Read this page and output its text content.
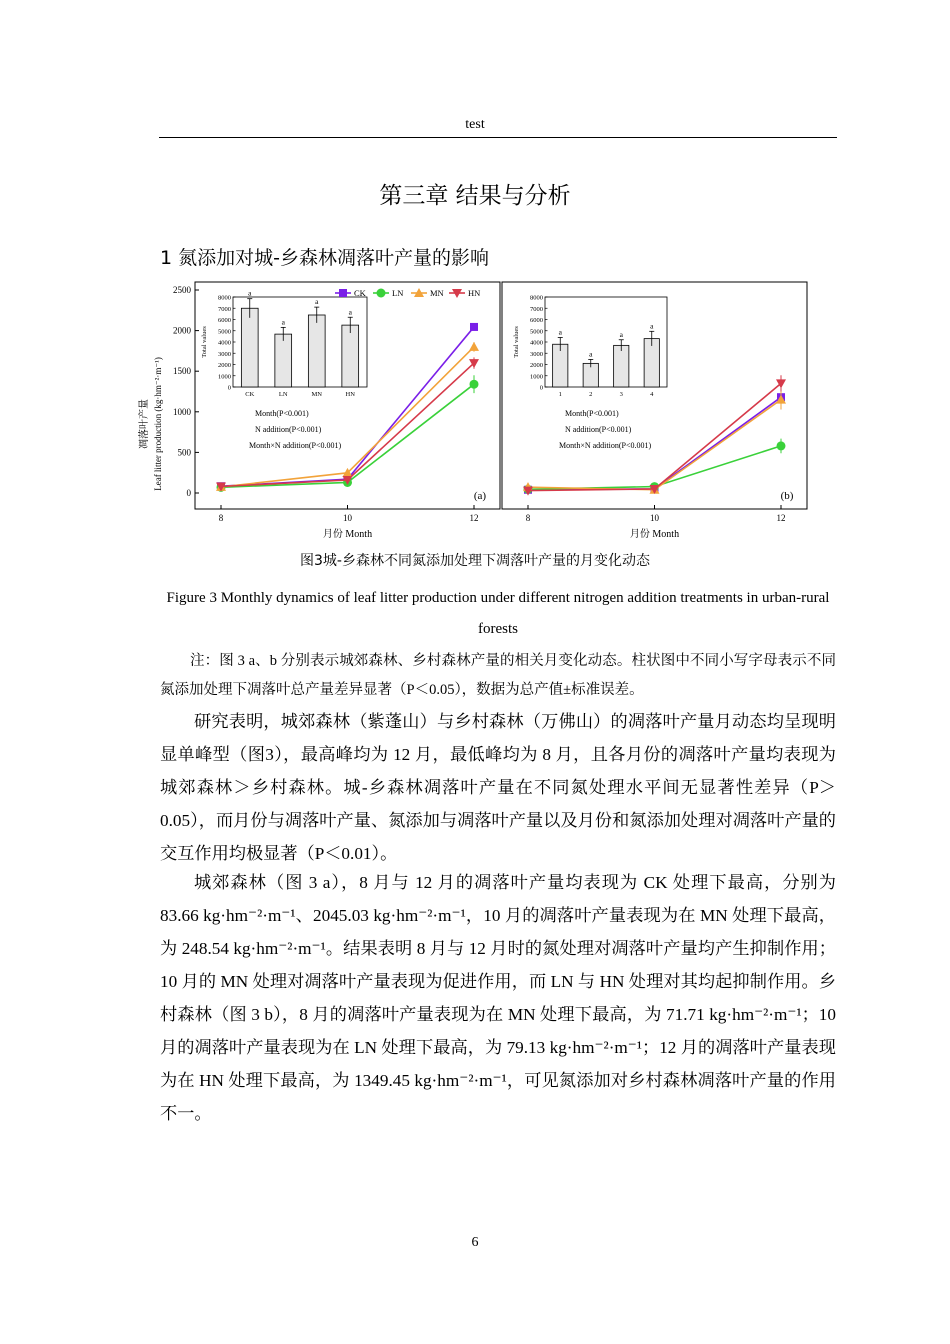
test
第三章 结果与分析
1 氮添加对城-乡森林凋落叶产量的影响
凋落叶产量 Leaf litter production (kg·hm⁻²·m⁻¹)
0
500
1000
1500
2000
2500
8	10	12
月份 Month
(a)
0
1000
2000
3000
4000
5000
6000
7000
8000
Total values
a
CK
a
LN
a
MN
a
HN
Month(P<0.001)
N addition(P<0.001)
Month×N addition(P<0.001)
CK	LN	MN	HN
8	10	12
月份 Month
(b)
0
1000
2000
3000
4000
5000
6000
7000
8000
Total values	a
1
a
2
a
3
a
4
Month(P<0.001)
N addition(P<0.001)
Month×N addition(P<0.001)
图3城-乡森林不同氮添加处理下凋落叶产量的月变化动态
Figure 3 Monthly dynamics of leaf litter production under different nitrogen addition treatments in urban-rural forests
注：图 3 a、b 分别表示城郊森林、乡村森林产量的相关月变化动态。柱状图中不同小写字母表示不同氮添加处理下凋落叶总产量差异显著（P＜0.05），数据为总产值±标准误差。
研究表明，城郊森林（紫蓬山）与乡村森林（万佛山）的凋落叶产量月动态均呈现明显单峰型（图3），最高峰均为 12 月，最低峰均为 8 月，且各月份的凋落叶产量均表现为城郊森林＞乡村森林。城-乡森林凋落叶产量在不同氮处理水平间无显著性差异（P＞0.05），而月份与凋落叶产量、氮添加与凋落叶产量以及月份和氮添加处理对凋落叶产量的交互作用均极显著（P＜0.01）。
城郊森林（图 3 a），8 月与 12 月的凋落叶产量均表现为 CK 处理下最高，分别为 83.66 kg·hm⁻²·m⁻¹、2045.03 kg·hm⁻²·m⁻¹，10 月的凋落叶产量表现为在 MN 处理下最高，为 248.54 kg·hm⁻²·m⁻¹。结果表明 8 月与 12 月时的氮处理对凋落叶产量均产生抑制作用；10 月的 MN 处理对凋落叶产量表现为促进作用，而 LN 与 HN 处理对其均起抑制作用。乡村森林（图 3 b），8 月的凋落叶产量表现为在 MN 处理下最高，为 71.71 kg·hm⁻²·m⁻¹；10 月的凋落叶产量表现为在 LN 处理下最高，为 79.13 kg·hm⁻²·m⁻¹；12 月的凋落叶产量表现为在 HN 处理下最高，为 1349.45 kg·hm⁻²·m⁻¹，可见氮添加对乡村森林凋落叶产量的作用不一。
6
